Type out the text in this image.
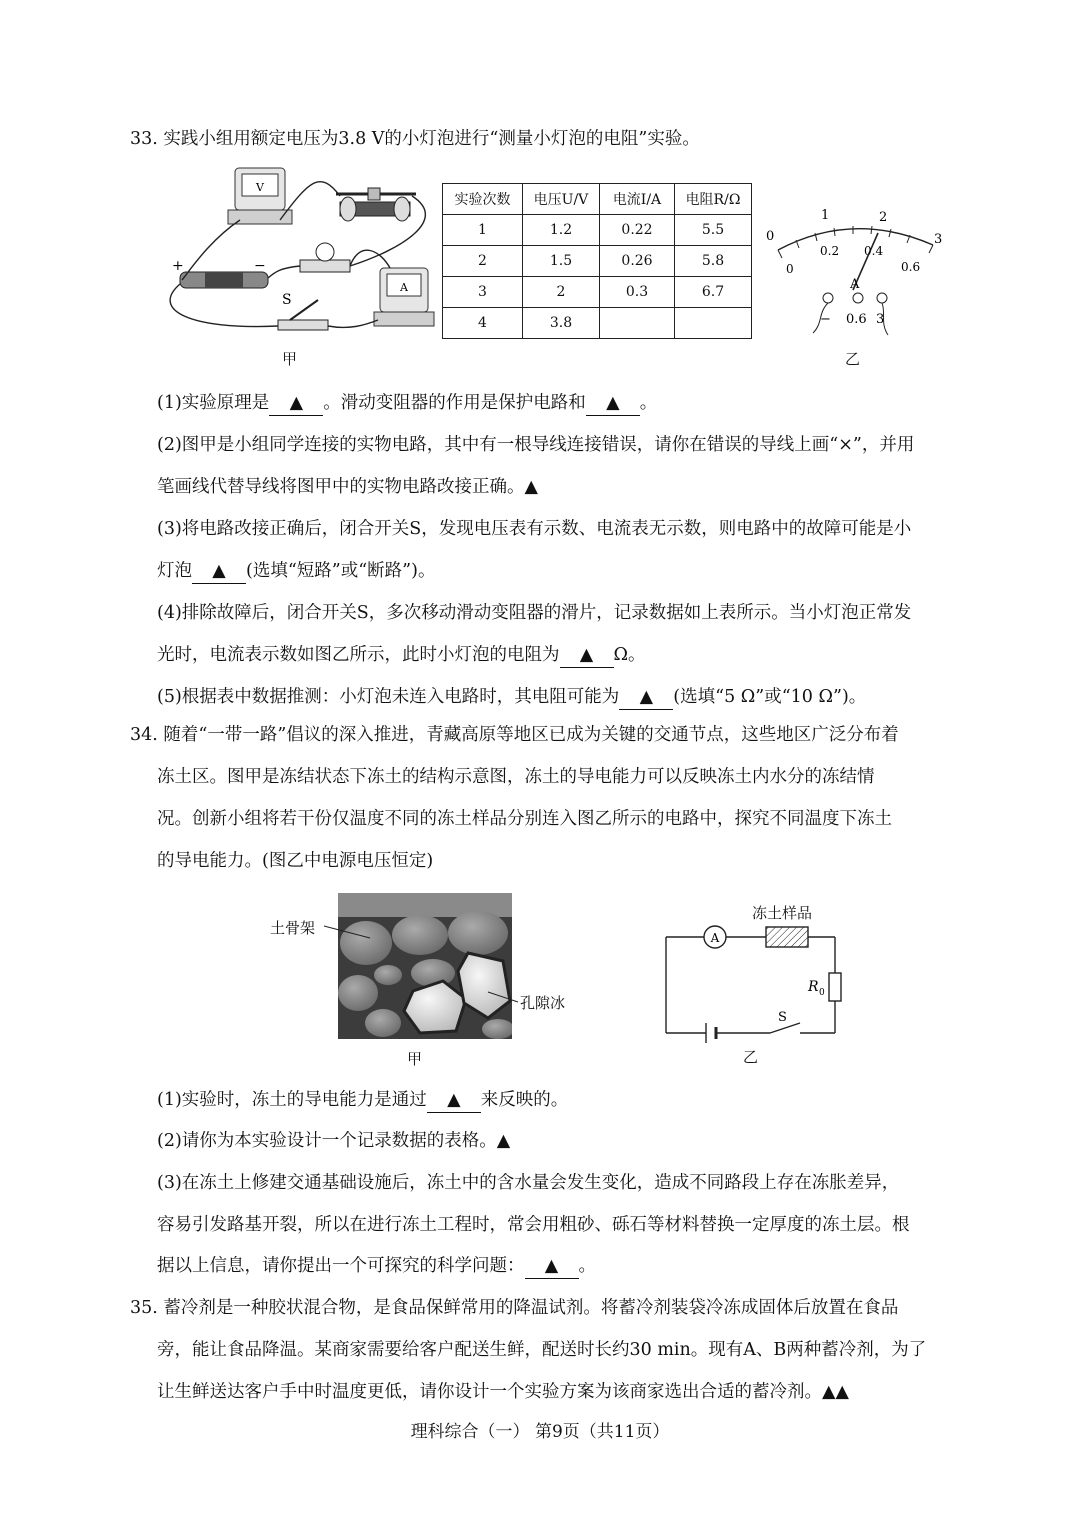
33. 实践小组用额定电压为3.8 V的小灯泡进行“测量小灯泡的电阻”实验。
V
+	−
A
S
甲
实验次数	电压U/V	电流I/A	电阻R/Ω
1	1.2	0.22	5.5
2	1.5	0.26	5.8
3	2	0.3	6.7
4	3.8		
0
1	2
3
0
0.2 0.4
0.6
A
− 0.6 3
乙
(1)实验原理是 ▲ 。滑动变阻器的作用是保护电路和 ▲ 。
(2)图甲是小组同学连接的实物电路，其中有一根导线连接错误，请你在错误的导线上画“×”，并用
笔画线代替导线将图甲中的实物电路改接正确。▲
(3)将电路改接正确后，闭合开关S，发现电压表有示数、电流表无示数，则电路中的故障可能是小
灯泡 ▲ (选填“短路”或“断路”)。
(4)排除故障后，闭合开关S，多次移动滑动变阻器的滑片，记录数据如上表所示。当小灯泡正常发
光时，电流表示数如图乙所示，此时小灯泡的电阻为 ▲ Ω。
(5)根据表中数据推测：小灯泡未连入电路时，其电阻可能为 ▲ (选填“5 Ω”或“10 Ω”)。
34. 随着“一带一路”倡议的深入推进，青藏高原等地区已成为关键的交通节点，这些地区广泛分布着
冻土区。图甲是冻结状态下冻土的结构示意图，冻土的导电能力可以反映冻土内水分的冻结情
况。创新小组将若干份仅温度不同的冻土样品分别连入图乙所示的电路中，探究不同温度下冻土
的导电能力。(图乙中电源电压恒定)
土骨架
孔隙冰
甲
A
S
R 0
冻土样品
乙
(1)实验时，冻土的导电能力是通过 ▲ 来反映的。
(2)请你为本实验设计一个记录数据的表格。▲
(3)在冻土上修建交通基础设施后，冻土中的含水量会发生变化，造成不同路段上存在冻胀差异，
容易引发路基开裂，所以在进行冻土工程时，常会用粗砂、砾石等材料替换一定厚度的冻土层。根
据以上信息，请你提出一个可探究的科学问题： ▲ 。
35. 蓄冷剂是一种胶状混合物，是食品保鲜常用的降温试剂。将蓄冷剂装袋冷冻成固体后放置在食品
旁，能让食品降温。某商家需要给客户配送生鲜，配送时长约30 min。现有A、B两种蓄冷剂，为了
让生鲜送达客户手中时温度更低，请你设计一个实验方案为该商家选出合适的蓄冷剂。▲▲
理科综合（一） 第9页（共11页）
